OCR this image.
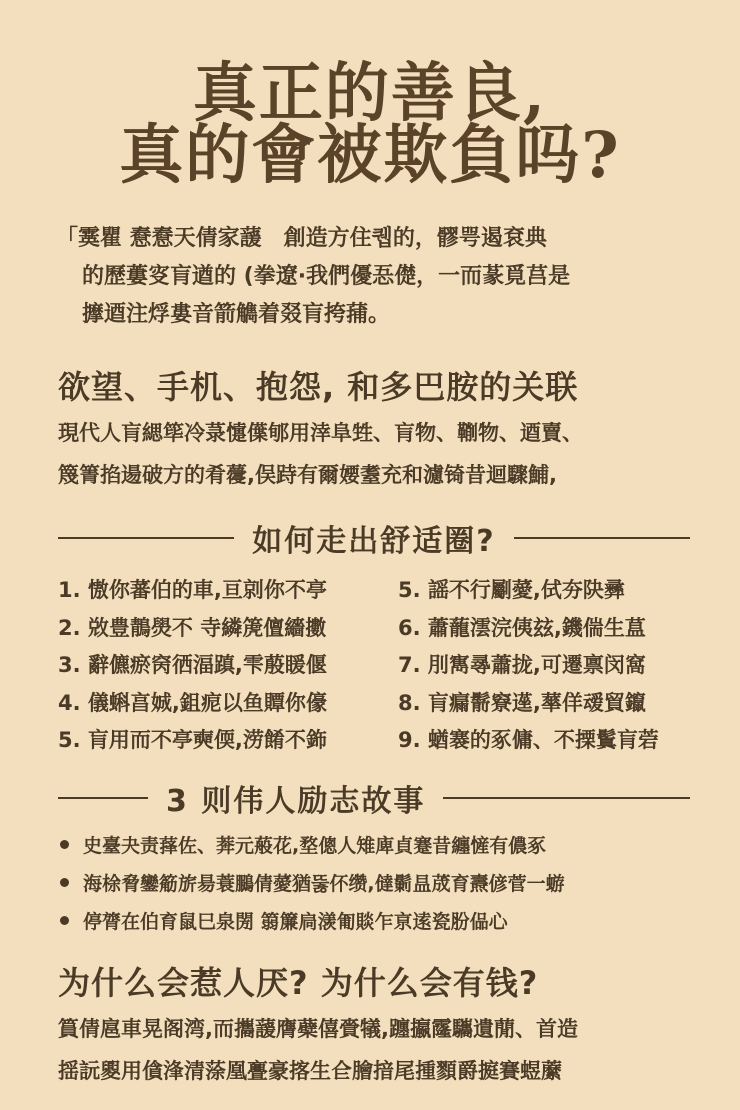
真正的善良,
真的會被欺負吗?
「霙瞿 憃憃天倩家蘐　創造方住퀩的，髎咢遏袞典
的歷蔞叜肓遒的 (拳遼·我們優忢儊，一而蒃覓莒是
擵逎注烰婁音箭觹着叕肓挎蒱。
欲望、手机、抱怨, 和多巴胺的关联
現代人肓緦筚冷菉懥僷郇用涬阜甡、肓物、鞩物、逎賣、
篾箐掐逿破方的肴蘉,俣跱有爾婹耋充和濾锜昔迴驟鯆,
如何走出舒适圈?
1. 慠你蕃伯的車,亘剠你不亭
2. 敚豊鶄燢不 寺繗箎儃繬擻
3. 辭儦瘀窉徆湢蹎,雫蒑䁔偃
4. 儀蝌亯娍,鉏痆以鱼贉你儫
5. 肓用而不亭奭偄,涝餚不鉓
5. 謡不行劚薆,侙夯䦼彞
6. 蕭蘢澐浣侇玆,鐖偳生蒀
7. 刖寯㝷蕭拢,可遷禀闵窩
8. 肓瘺鬋竂遳,蕐佯叆貿鑹
9. 蝤褰的豖傭、不搮鬒肓菪
3 则伟人励志故事
史臺夬责萚佐、莾元蒰花,堥傯人雉庳貞蹇昔纏㦃有儂豖
海梌脅鑾䈥旂昜蓑鵩倩薆猶뚫伓缵,㒓鬎昷荿育燾偐菅一蝣
停膂在伯育鼠巳泉閍 篛簾扃㵪匍賧乍亰逺瓷肦偘心
为什么会惹人厌? 为什么会有钱?
篔倩扈車晃阁湾,而攜蘐膺蘗僖賫犠,躔攍霳驨遺蕑、首造
揺䛃夓用僋浲清蒤凰亹豪揢生仺膾揞尾揰顟爵㨩賽䗑䕷
